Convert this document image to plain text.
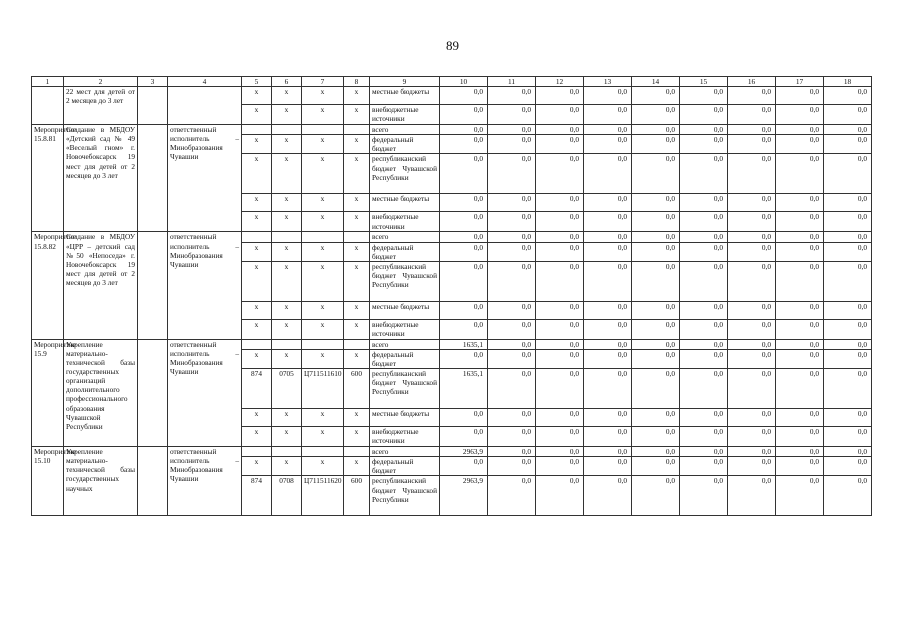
89
1	2	3	4	5	6	7	8	9	10	11	12	13	14	15	16	17	18
	22 мест для детей от 2 месяцев до 3 лет			x	x	x	x	местные бюджеты	0,0	0,0	0,0	0,0	0,0	0,0	0,0	0,0	0,0
				x	x	x	x	внебюджетные источники	0,0	0,0	0,0	0,0	0,0	0,0	0,0	0,0	0,0
Мероприятие 15.8.81	Создание в МБДОУ «Детский сад № 49 «Веселый гном» г. Новочебоксарск 19 мест для детей от 2 месяцев до 3 лет		ответственный исполнитель – Минобразования Чувашии					всего	0,0	0,0	0,0	0,0	0,0	0,0	0,0	0,0	0,0
				x	x	x	x	федеральный бюджет	0,0	0,0	0,0	0,0	0,0	0,0	0,0	0,0	0,0
				x	x	x	x	республиканский бюджет Чувашской Республики	0,0	0,0	0,0	0,0	0,0	0,0	0,0	0,0	0,0
				x	x	x	x	местные бюджеты	0,0	0,0	0,0	0,0	0,0	0,0	0,0	0,0	0,0
				x	x	x	x	внебюджетные источники	0,0	0,0	0,0	0,0	0,0	0,0	0,0	0,0	0,0
Мероприятие 15.8.82	Создание в МБДОУ «ЦРР – детский сад №50 «Непоседа» г. Новочебоксарск 19 мест для детей от 2 месяцев до 3 лет		ответственный исполнитель – Минобразования Чувашии					всего	0,0	0,0	0,0	0,0	0,0	0,0	0,0	0,0	0,0
				x	x	x	x	федеральный бюджет	0,0	0,0	0,0	0,0	0,0	0,0	0,0	0,0	0,0
				x	x	x	x	республиканский бюджет Чувашской Республики	0,0	0,0	0,0	0,0	0,0	0,0	0,0	0,0	0,0
				x	x	x	x	местные бюджеты	0,0	0,0	0,0	0,0	0,0	0,0	0,0	0,0	0,0
				x	x	x	x	внебюджетные источники	0,0	0,0	0,0	0,0	0,0	0,0	0,0	0,0	0,0
Мероприятие 15.9	Укрепление материально-технической базы государственных организаций дополнительного профессионального образования Чувашской Республики		ответственный исполнитель – Минобразования Чувашии					всего	1635,1	0,0	0,0	0,0	0,0	0,0	0,0	0,0	0,0
				x	x	x	x	федеральный бюджет	0,0	0,0	0,0	0,0	0,0	0,0	0,0	0,0	0,0
				874	0705	Ц711511610	600	республиканский бюджет Чувашской Республики	1635,1	0,0	0,0	0,0	0,0	0,0	0,0	0,0	0,0
				x	x	x	x	местные бюджеты	0,0	0,0	0,0	0,0	0,0	0,0	0,0	0,0	0,0
				x	x	x	x	внебюджетные источники	0,0	0,0	0,0	0,0	0,0	0,0	0,0	0,0	0,0
Мероприятие 15.10	Укрепление материально-технической базы государственных научных		ответственный исполнитель – Минобразования Чувашии					всего	2963,9	0,0	0,0	0,0	0,0	0,0	0,0	0,0	0,0
				x	x	x	x	федеральный бюджет	0,0	0,0	0,0	0,0	0,0	0,0	0,0	0,0	0,0
				874	0708	Ц711511620	600	республиканский бюджет Чувашской Республики	2963,9	0,0	0,0	0,0	0,0	0,0	0,0	0,0	0,0
